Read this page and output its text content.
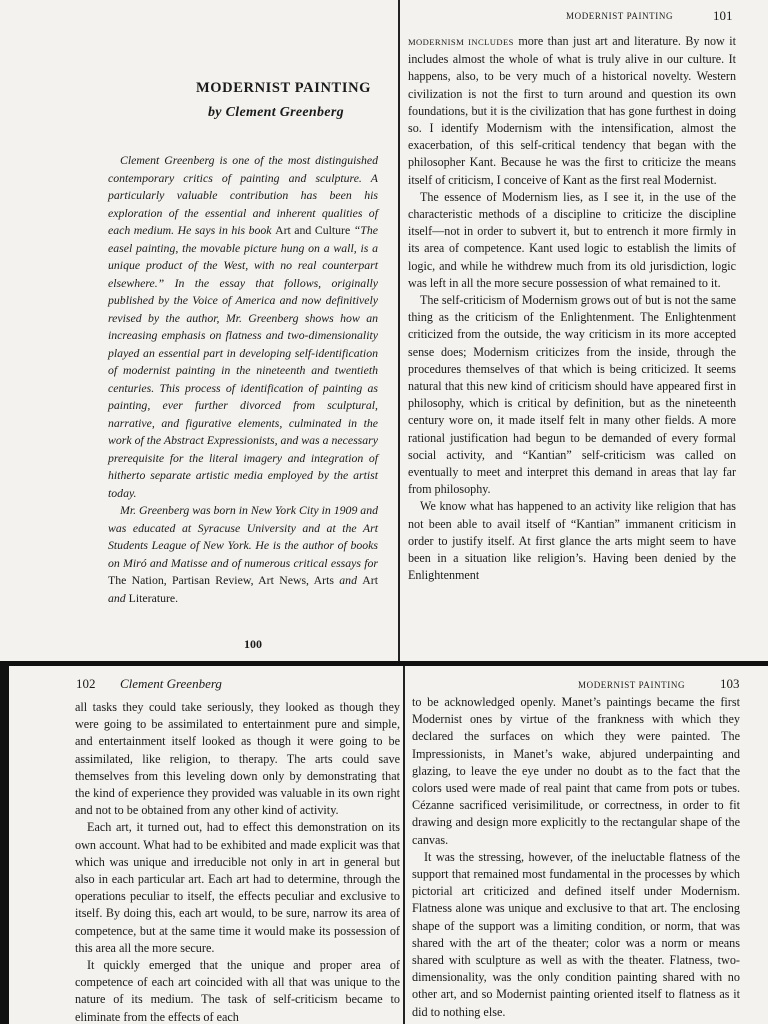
MODERNIST PAINTING
by Clement Greenberg

Clement Greenberg is one of the most distinguished contemporary critics of painting and sculpture. A particularly valuable contribution has been his exploration of the essential and inherent qualities of each medium. He says in his book Art and Culture “The easel painting, the movable picture hung on a wall, is a unique product of the West, with no real counterpart elsewhere.” In the essay that follows, originally published by the Voice of America and now definitively revised by the author, Mr. Greenberg shows how an increasing emphasis on flatness and two-dimensionality played an essential part in developing self-identification of modernist painting in the nineteenth and twentieth centuries. This process of identification of painting as painting, ever further divorced from sculptural, narrative, and figurative elements, culminated in the work of the Abstract Expressionists, and was a necessary prerequisite for the literal imagery and integration of hitherto separate artistic media employed by the artist today.

Mr. Greenberg was born in New York City in 1909 and was educated at Syracuse University and at the Art Students League of New York. He is the author of books on Miró and Matisse and of numerous critical essays for The Nation, Partisan Review, Art News, Arts and Art and Literature.

100
MODERNIST PAINTING	101

MODERNISM INCLUDES more than just art and literature. By now it includes almost the whole of what is truly alive in our culture. It happens, also, to be very much of a historical novelty. Western civilization is not the first to turn around and question its own foundations, but it is the civilization that has gone furthest in doing so. I identify Modernism with the intensification, almost the exacerbation, of this self-critical tendency that began with the philosopher Kant. Because he was the first to criticize the means itself of criticism, I conceive of Kant as the first real Modernist.

The essence of Modernism lies, as I see it, in the use of the characteristic methods of a discipline to criticize the discipline itself—not in order to subvert it, but to entrench it more firmly in its area of competence. Kant used logic to establish the limits of logic, and while he withdrew much from its old jurisdiction, logic was left in all the more secure possession of what remained to it.

The self-criticism of Modernism grows out of but is not the same thing as the criticism of the Enlightenment. The Enlightenment criticized from the outside, the way criticism in its more accepted sense does; Modernism criticizes from the inside, through the procedures themselves of that which is being criticized. It seems natural that this new kind of criticism should have appeared first in philosophy, which is critical by definition, but as the nineteenth century wore on, it made itself felt in many other fields. A more rational justification had begun to be demanded of every formal social activity, and “Kantian” self-criticism was called on eventually to meet and interpret this demand in areas that lay far from philosophy.

We know what has happened to an activity like religion that has not been able to avail itself of “Kantian” immanent criticism in order to justify itself. At first glance the arts might seem to have been in a situation like religion’s. Having been denied by the Enlightenment

102 Clement Greenberg

all tasks they could take seriously, they looked as though they were going to be assimilated to entertainment pure and simple, and entertainment itself looked as though it were going to be assimilated, like religion, to therapy. The arts could save themselves from this leveling down only by demonstrating that the kind of experience they provided was valuable in its own right and not to be obtained from any other kind of activity.

Each art, it turned out, had to effect this demonstration on its own account. What had to be exhibited and made explicit was that which was unique and irreducible not only in art in general but also in each particular art. Each art had to determine, through the operations peculiar to itself, the effects peculiar and exclusive to itself. By doing this, each art would, to be sure, narrow its area of competence, but at the same time it would make its possession of this area all the more secure.

It quickly emerged that the unique and proper area of competence of each art coincided with all that was unique to the nature of its medium. The task of self-criticism became to eliminate from the effects of each

MODERNIST PAINTING	103

to be acknowledged openly. Manet’s paintings became the first Modernist ones by virtue of the frankness with which they declared the surfaces on which they were painted. The Impressionists, in Manet’s wake, abjured underpainting and glazing, to leave the eye under no doubt as to the fact that the colors used were made of real paint that came from pots or tubes. Cézanne sacrificed verisimilitude, or correctness, in order to fit drawing and design more explicitly to the rectangular shape of the canvas.

It was the stressing, however, of the ineluctable flatness of the support that remained most fundamental in the processes by which pictorial art criticized and defined itself under Modernism. Flatness alone was unique and exclusive to that art. The enclosing shape of the support was a limiting condition, or norm, that was shared with the art of the theater; color was a norm or means shared with sculpture as well as with the theater. Flatness, two-dimensionality, was the only condition painting shared with no other art, and so Modernist painting oriented itself to flatness as it did to nothing else.
